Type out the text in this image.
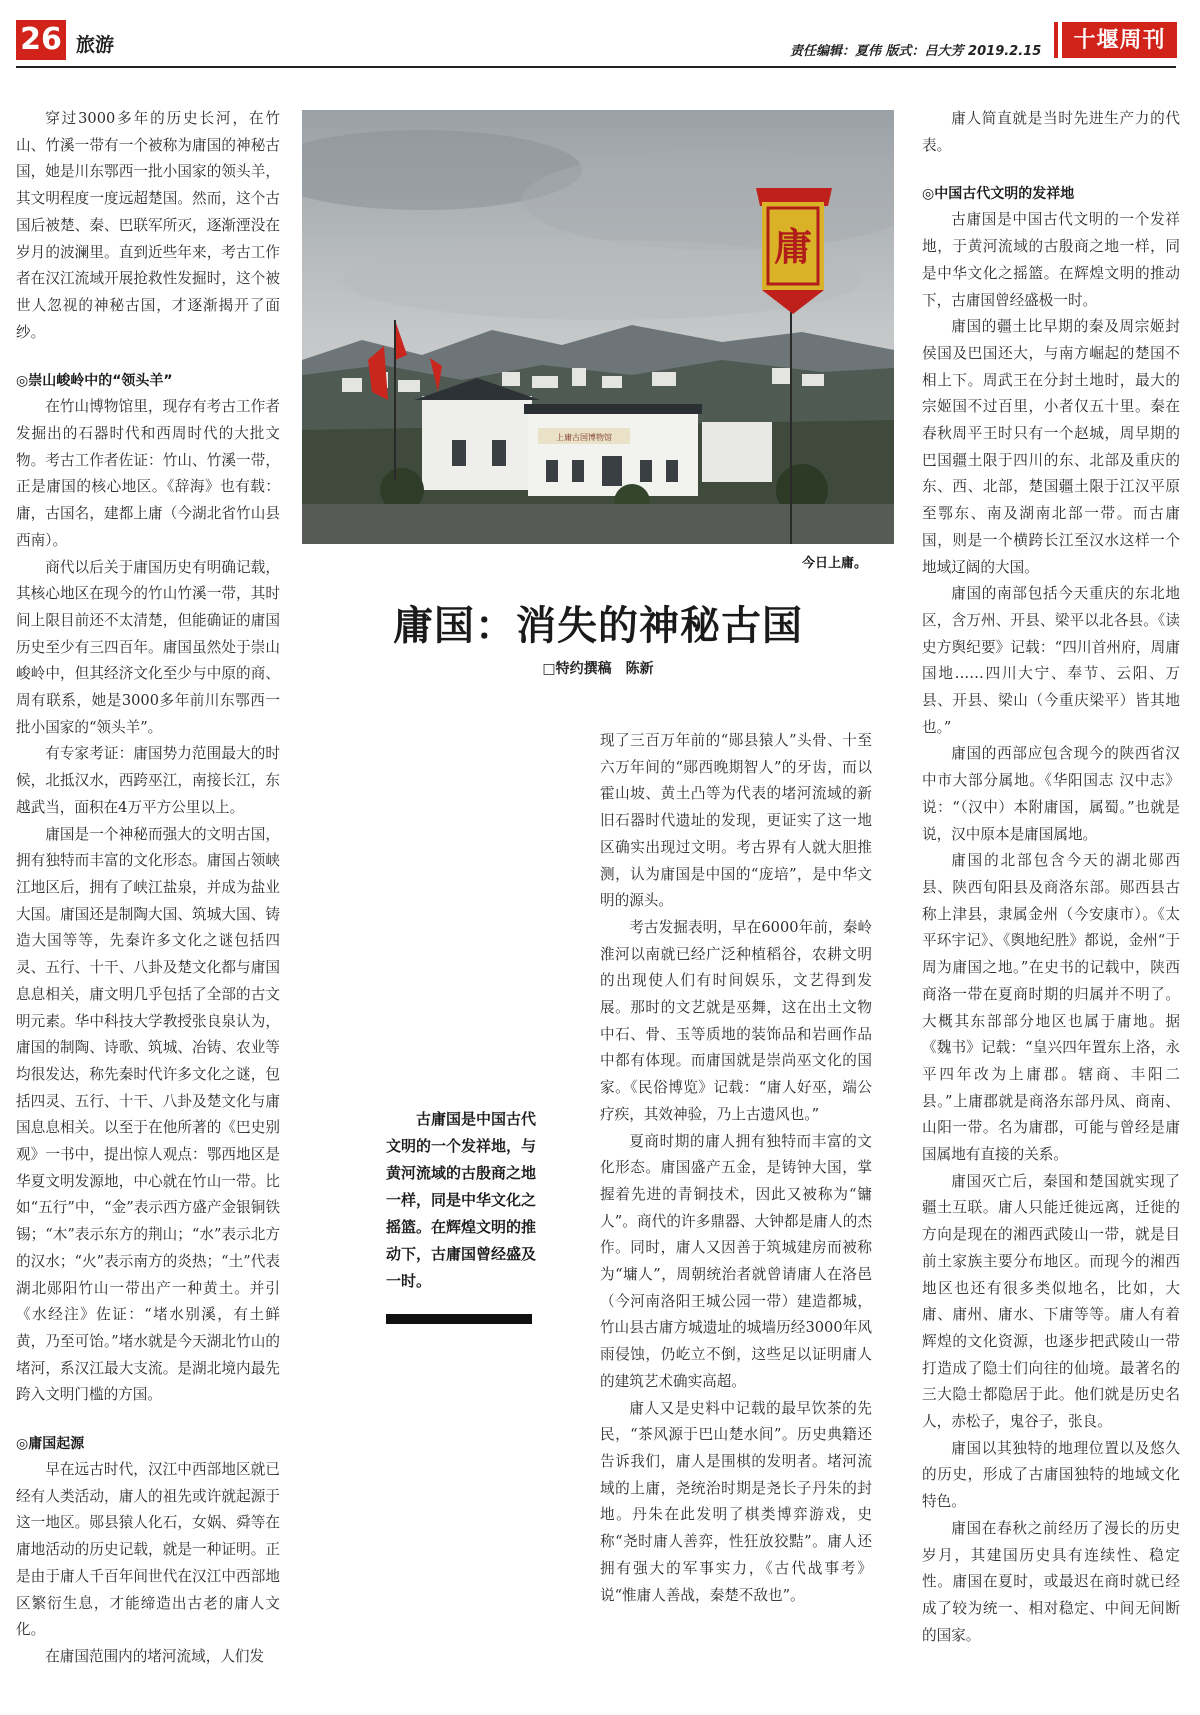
26 旅游	责任编辑：夏伟 版式：吕大芳 2019.2.15	十堰周刊

穿过3000多年的历史长河，在竹山、竹溪一带有一个被称为庸国的神秘古国，她是川东鄂西一批小国家的领头羊，其文明程度一度远超楚国。然而，这个古国后被楚、秦、巴联军所灭，逐渐湮没在岁月的波澜里。直到近些年来，考古工作者在汉江流域开展抢救性发掘时，这个被世人忽视的神秘古国，才逐渐揭开了面纱。

◎崇山峻岭中的“领头羊”

在竹山博物馆里，现存有考古工作者发掘出的石器时代和西周时代的大批文物。考古工作者佐证：竹山、竹溪一带，正是庸国的核心地区。《辞海》也有载：庸，古国名，建都上庸（今湖北省竹山县西南）。

商代以后关于庸国历史有明确记载，其核心地区在现今的竹山竹溪一带，其时间上限目前还不太清楚，但能确证的庸国历史至少有三四百年。庸国虽然处于崇山峻岭中，但其经济文化至少与中原的商、周有联系，她是3000多年前川东鄂西一批小国家的“领头羊”。

有专家考证：庸国势力范围最大的时候，北抵汉水，西跨巫江，南接长江，东越武当，面积在4万平方公里以上。

庸国是一个神秘而强大的文明古国，拥有独特而丰富的文化形态。庸国占领峡江地区后，拥有了峡江盐泉，并成为盐业大国。庸国还是制陶大国、筑城大国、铸造大国等等，先秦许多文化之谜包括四灵、五行、十干、八卦及楚文化都与庸国息息相关，庸文明几乎包括了全部的古文明元素。华中科技大学教授张良泉认为，庸国的制陶、诗歌、筑城、冶铸、农业等均很发达，称先秦时代许多文化之谜，包括四灵、五行、十干、八卦及楚文化与庸国息息相关。以至于在他所著的《巴史别观》一书中，提出惊人观点：鄂西地区是华夏文明发源地，中心就在竹山一带。比如“五行”中，“金”表示西方盛产金银铜铁锡；“木”表示东方的荆山；“水”表示北方的汉水；“火”表示南方的炎热；“土”代表湖北郧阳竹山一带出产一种黄土。并引《水经注》佐证：“堵水别溪，有土鲜黄，乃至可饴。”堵水就是今天湖北竹山的堵河，系汉江最大支流。是湖北境内最先跨入文明门槛的方国。

◎庸国起源

早在远古时代，汉江中西部地区就已经有人类活动，庸人的祖先或许就起源于这一地区。郧县猿人化石，女娲、舜等在庸地活动的历史记载，就是一种证明。正是由于庸人千百年间世代在汉江中西部地区繁衍生息，才能缔造出古老的庸人文化。

在庸国范围内的堵河流域，人们发

上庸古国博物馆
庸
今日上庸。
庸国：消失的神秘古国
□特约撰稿　陈新
古庸国是中国古代文明的一个发祥地，与黄河流域的古殷商之地一样，同是中华文化之摇篮。在辉煌文明的推动下，古庸国曾经盛及一时。

现了三百万年前的“郧县猿人”头骨、十至六万年间的“郧西晚期智人”的牙齿，而以霍山坡、黄土凸等为代表的堵河流域的新旧石器时代遗址的发现，更证实了这一地区确实出现过文明。考古界有人就大胆推测，认为庸国是中国的“庞培”，是中华文明的源头。

考古发掘表明，早在6000年前，秦岭淮河以南就已经广泛种植稻谷，农耕文明的出现使人们有时间娱乐，文艺得到发展。那时的文艺就是巫舞，这在出土文物中石、骨、玉等质地的装饰品和岩画作品中都有体现。而庸国就是崇尚巫文化的国家。《民俗博览》记载：“庸人好巫，端公疗疾，其效神验，乃上古遗风也。”

夏商时期的庸人拥有独特而丰富的文化形态。庸国盛产五金，是铸钟大国，掌握着先进的青铜技术，因此又被称为“镛人”。商代的许多鼎器、大钟都是庸人的杰作。同时，庸人又因善于筑城建房而被称为“墉人”，周朝统治者就曾请庸人在洛邑（今河南洛阳王城公园一带）建造都城，竹山县古庸方城遗址的城墙历经3000年风雨侵蚀，仍屹立不倒，这些足以证明庸人的建筑艺术确实高超。

庸人又是史料中记载的最早饮茶的先民，“茶风源于巴山楚水间”。历史典籍还告诉我们，庸人是围棋的发明者。堵河流域的上庸，尧统治时期是尧长子丹朱的封地。丹朱在此发明了棋类博弈游戏，史称“尧时庸人善弈，性狂放狡黠”。庸人还拥有强大的军事实力，《古代战事考》说“惟庸人善战，秦楚不敌也”。

庸人简直就是当时先进生产力的代表。

◎中国古代文明的发祥地

古庸国是中国古代文明的一个发祥地，于黄河流域的古殷商之地一样，同是中华文化之摇篮。在辉煌文明的推动下，古庸国曾经盛极一时。

庸国的疆土比早期的秦及周宗姬封侯国及巴国还大，与南方崛起的楚国不相上下。周武王在分封土地时，最大的宗姬国不过百里，小者仅五十里。秦在春秋周平王时只有一个赵城，周早期的巴国疆土限于四川的东、北部及重庆的东、西、北部，楚国疆土限于江汉平原至鄂东、南及湖南北部一带。而古庸国，则是一个横跨长江至汉水这样一个地域辽阔的大国。

庸国的南部包括今天重庆的东北地区，含万州、开县、梁平以北各县。《读史方舆纪要》记载：“四川首州府，周庸国地……四川大宁、奉节、云阳、万县、开县、梁山（今重庆梁平）皆其地也。”

庸国的西部应包含现今的陕西省汉中市大部分属地。《华阳国志 汉中志》说：“（汉中）本附庸国，属蜀。”也就是说，汉中原本是庸国属地。

庸国的北部包含今天的湖北郧西县、陕西旬阳县及商洛东部。郧西县古称上津县，隶属金州（今安康市）。《太平环宇记》、《舆地纪胜》都说，金州“于周为庸国之地。”在史书的记载中，陕西商洛一带在夏商时期的归属并不明了。大概其东部部分地区也属于庸地。据《魏书》记载：“皇兴四年置东上洛，永平四年改为上庸郡。辖商、丰阳二县。”上庸郡就是商洛东部丹凤、商南、山阳一带。名为庸郡，可能与曾经是庸国属地有直接的关系。

庸国灭亡后，秦国和楚国就实现了疆土互联。庸人只能迁徙远离，迁徙的方向是现在的湘西武陵山一带，就是目前土家族主要分布地区。而现今的湘西地区也还有很多类似地名，比如，大庸、庸州、庸水、下庸等等。庸人有着辉煌的文化资源，也逐步把武陵山一带打造成了隐士们向往的仙境。最著名的三大隐士都隐居于此。他们就是历史名人，赤松子，鬼谷子，张良。

庸国以其独特的地理位置以及悠久的历史，形成了古庸国独特的地域文化特色。

庸国在春秋之前经历了漫长的历史岁月，其建国历史具有连续性、稳定性。庸国在夏时，或最迟在商时就已经成了较为统一、相对稳定、中间无间断的国家。
